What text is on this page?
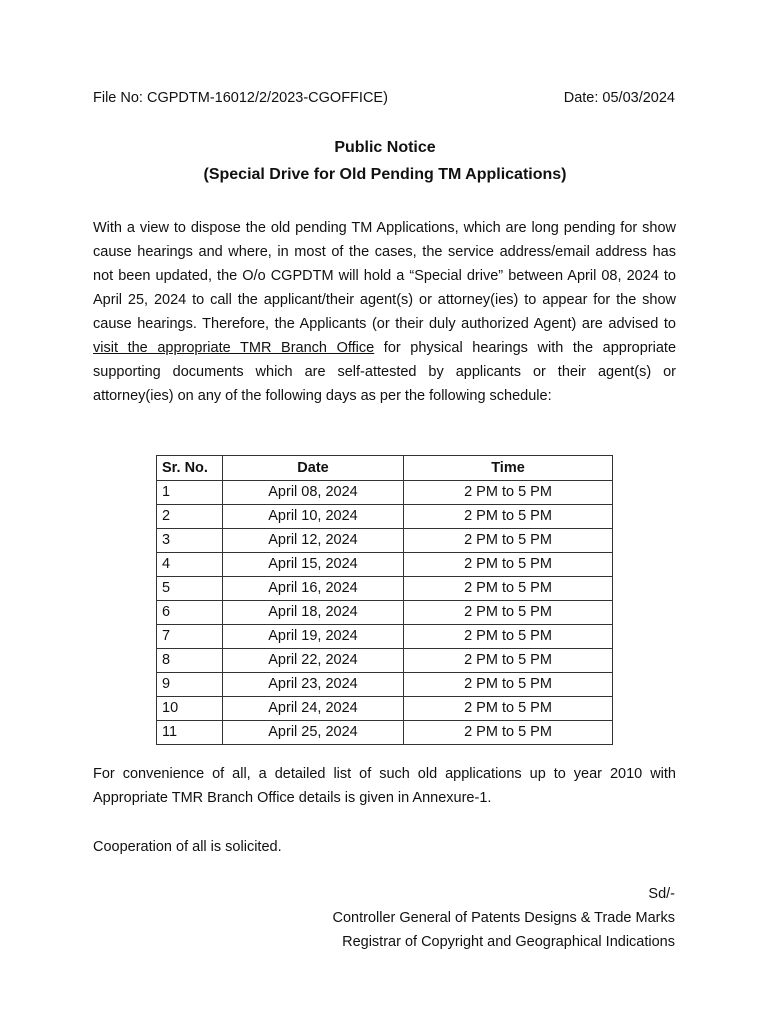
File No: CGPDTM-16012/2/2023-CGOFFICE)	Date: 05/03/2024
Public Notice
(Special Drive for Old Pending TM Applications)
With a view to dispose the old pending TM Applications, which are long pending for show cause hearings and where, in most of the cases, the service address/email address has not been updated, the O/o CGPDTM will hold a “Special drive” between April 08, 2024 to April 25, 2024 to call the applicant/their agent(s) or attorney(ies) to appear for the show cause hearings. Therefore, the Applicants (or their duly authorized Agent) are advised to visit the appropriate TMR Branch Office for physical hearings with the appropriate supporting documents which are self-attested by applicants or their agent(s) or attorney(ies) on any of the following days as per the following schedule:
Sr. No.	Date	Time
1	April 08, 2024	2 PM to 5 PM
2	April 10, 2024	2 PM to 5 PM
3	April 12, 2024	2 PM to 5 PM
4	April 15, 2024	2 PM to 5 PM
5	April 16, 2024	2 PM to 5 PM
6	April 18, 2024	2 PM to 5 PM
7	April 19, 2024	2 PM to 5 PM
8	April 22, 2024	2 PM to 5 PM
9	April 23, 2024	2 PM to 5 PM
10	April 24, 2024	2 PM to 5 PM
11	April 25, 2024	2 PM to 5 PM
For convenience of all, a detailed list of such old applications up to year 2010 with Appropriate TMR Branch Office details is given in Annexure-1.
Cooperation of all is solicited.
Sd/-
Controller General of Patents Designs & Trade Marks
Registrar of Copyright and Geographical Indications
